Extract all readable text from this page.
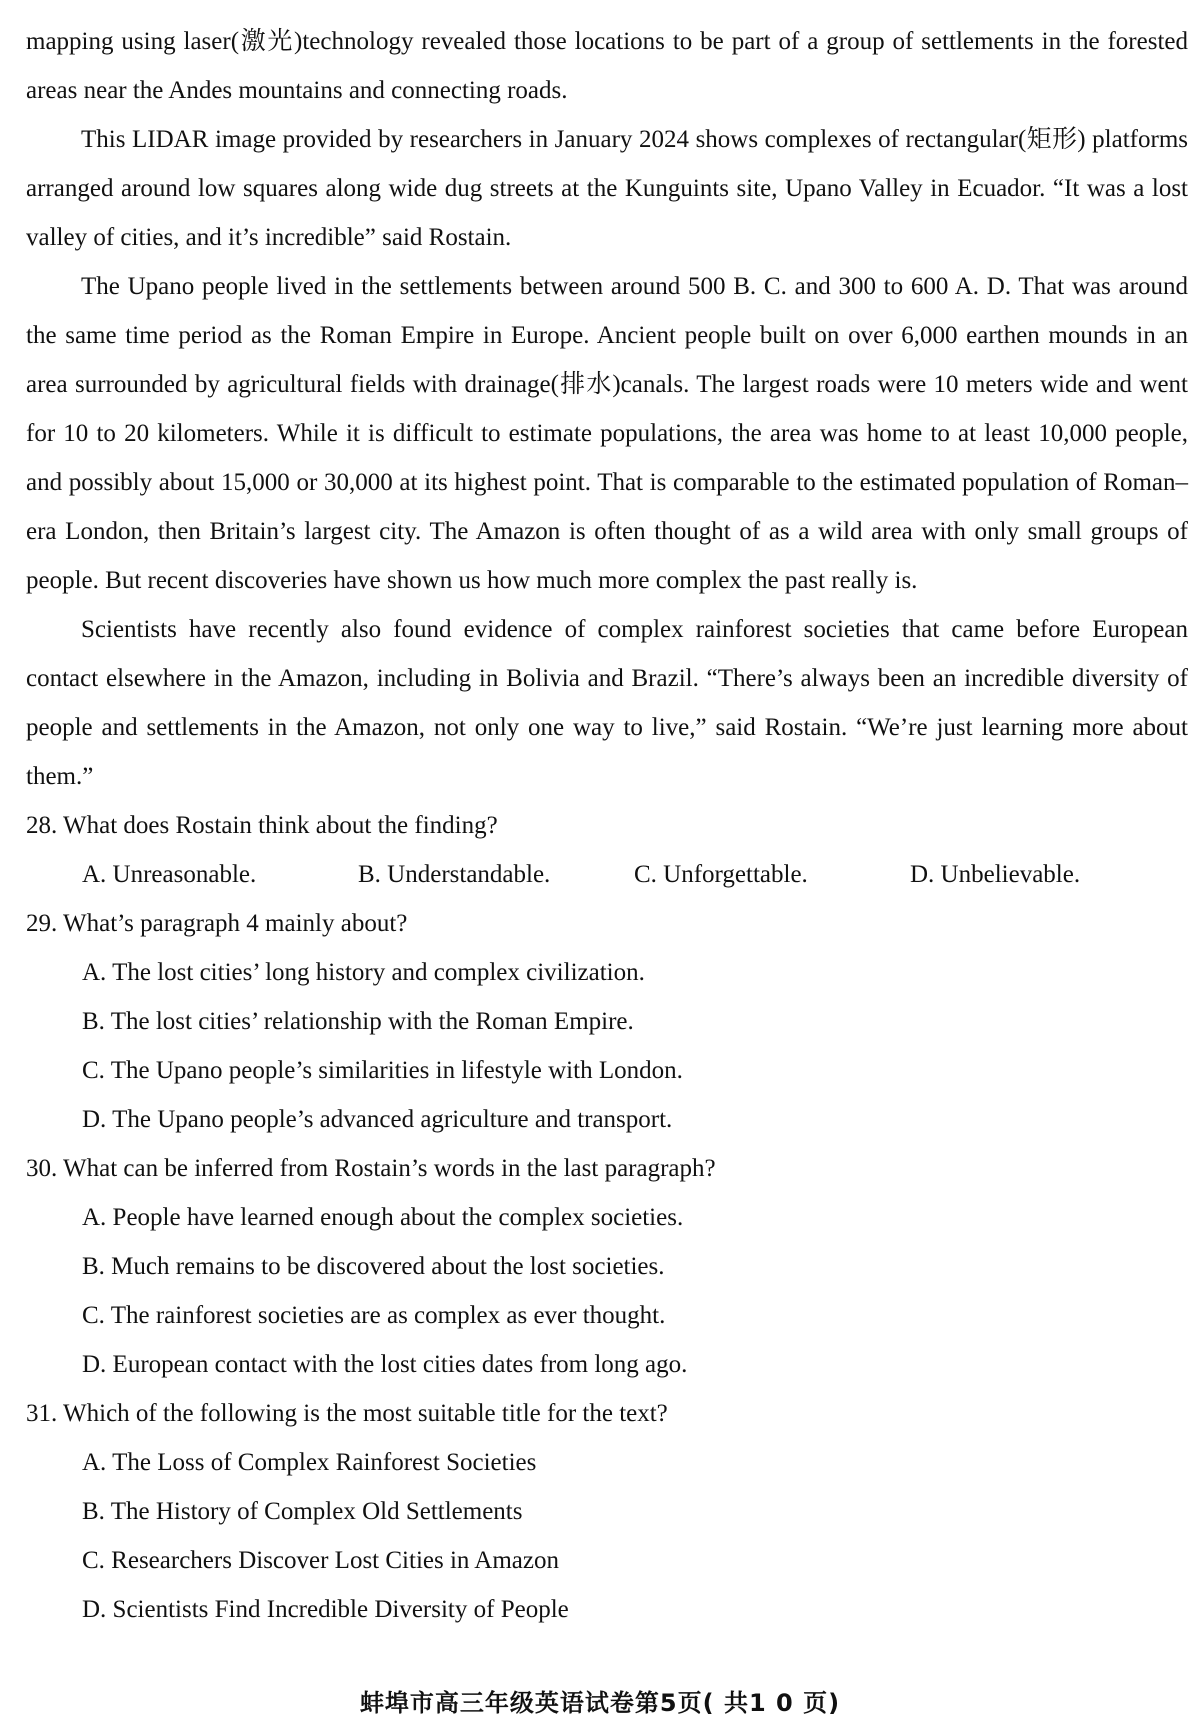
mapping using laser(激光)technology revealed those locations to be part of a group of settlements in the forested areas near the Andes mountains and connecting roads.

This LIDAR image provided by researchers in January 2024 shows complexes of rectangular(矩形) platforms arranged around low squares along wide dug streets at the Kunguints site, Upano Valley in Ecuador. “It was a lost valley of cities, and it’s incredible” said Rostain.

The Upano people lived in the settlements between around 500 B. C. and 300 to 600 A. D. That was around the same time period as the Roman Empire in Europe. Ancient people built on over 6,000 earthen mounds in an area surrounded by agricultural fields with drainage(排水)canals. The largest roads were 10 meters wide and went for 10 to 20 kilometers. While it is difficult to estimate populations, the area was home to at least 10,000 people, and possibly about 15,000 or 30,000 at its highest point. That is comparable to the estimated population of Roman–era London, then Britain’s largest city. The Amazon is often thought of as a wild area with only small groups of people. But recent discoveries have shown us how much more complex the past really is.

Scientists have recently also found evidence of complex rainforest societies that came before European contact elsewhere in the Amazon, including in Bolivia and Brazil. “There’s always been an incredible diversity of people and settlements in the Amazon, not only one way to live,” said Rostain. “We’re just learning more about them.”

28. What does Rostain think about the finding?

A. Unreasonable.	B. Understandable.	C. Unforgettable.	D. Unbelievable.

29. What’s paragraph 4 mainly about?

A. The lost cities’ long history and complex civilization.

B. The lost cities’ relationship with the Roman Empire.

C. The Upano people’s similarities in lifestyle with London.

D. The Upano people’s advanced agriculture and transport.

30. What can be inferred from Rostain’s words in the last paragraph?

A. People have learned enough about the complex societies.

B. Much remains to be discovered about the lost societies.

C. The rainforest societies are as complex as ever thought.

D. European contact with the lost cities dates from long ago.

31. Which of the following is the most suitable title for the text?

A. The Loss of Complex Rainforest Societies

B. The History of Complex Old Settlements

C. Researchers Discover Lost Cities in Amazon

D. Scientists Find Incredible Diversity of People

蚌埠市高三年级英语试卷第5页( 共1 0 页)
